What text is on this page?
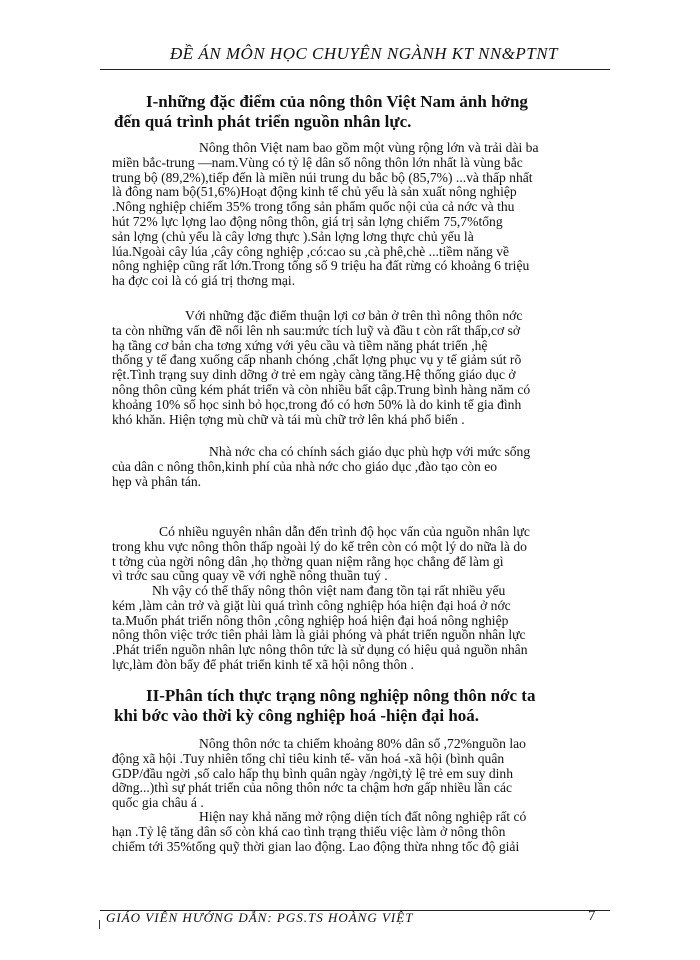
ĐỀ ÁN MÔN HỌC CHUYÊN NGÀNH KT NN&PTNT
I-những đặc điểm của nông thôn Việt Nam ảnh hởng
đến quá trình phát triển nguồn nhân lực.
Nông thôn Việt nam bao gồm một vùng rộng lớn và trải dài ba
miền bắc-trung —nam.Vùng có tỷ lệ dân số nông thôn lớn nhất là vùng bắc
trung bộ (89,2%),tiếp đến là miền núi trung du bắc bộ (85,7%) ...và thấp nhất
là đông nam bộ(51,6%)Hoạt động kinh tế chủ yếu là sản xuất nông nghiệp
.Nông nghiệp chiếm 35% trong tổng sản phẩm quốc nội của cả nớc và thu
hút 72% lực lợng lao động nông thôn, giá trị sản lợng chiếm 75,7%tổng
sản lợng (chủ yếu là cây lơng thực ).Sản lợng lơng thực chủ yếu là
lúa.Ngoài cây lúa ,cây công nghiệp ,có:cao su ,cà phê,chè ...tiềm năng về
nông nghiệp cũng rất lớn.Trong tổng số 9 triệu ha đất rừng có khoảng 6 triệu
ha đợc coi là có giá trị thơng mại.
Với những đặc điểm thuận lợi cơ bản ở trên thì nông thôn nớc
ta còn những vấn đề nổi lên nh sau:mức tích luỹ và đầu t còn rất thấp,cơ sở
hạ tầng cơ bản cha tơng xứng với yêu cầu và tiềm năng phát triển ,hệ
thống y tế đang xuống cấp nhanh chóng ,chất lợng phục vụ y tế giảm sút rõ
rệt.Tình trạng suy dinh dỡng ở trẻ em ngày càng tăng.Hệ thống giáo dục ở
nông thôn cũng kém phát triển và còn nhiều bất cập.Trung bình hàng năm có
khoảng 10% số học sinh bỏ học,trong đó có hơn 50% là do kinh tế gia đình
khó khăn. Hiện tợng mù chữ và tái mù chữ trở lên khá phổ biến .
Nhà nớc cha có chính sách giáo dục phù hợp với mức sống
của dân c nông thôn,kinh phí của nhà nớc cho giáo dục ,đào tạo còn eo
hẹp và phân tán.
Có nhiều nguyên nhân dẫn đến trình độ học vấn của nguồn nhân lực
trong khu vực nông thôn thấp ngoài lý do kể trên còn có một lý do nữa là do
t tởng của ngời nông dân ,họ thờng quan niệm rằng học chẳng để làm gì
vì trớc sau cũng quay về với nghề nông thuần tuý .
Nh vậy có thể thấy nông thôn việt nam đang tồn tại rất nhiều yếu
kém ,làm cản trở và giặt lùi quá trình công nghiệp hóa hiện đại hoá ở nớc
ta.Muốn phát triển nông thôn ,công nghiệp hoá hiện đại hoá nông nghiệp
nông thôn việc trớc tiên phải làm là giải phóng và phát triển nguồn nhân lực
.Phát triển nguồn nhân lực nông thôn tức là sử dụng có hiệu quả nguồn nhân
lực,làm đòn bẩy để phát triển kinh tế xã hội nông thôn .
II-Phân tích thực trạng nông nghiệp nông thôn nớc ta
khi bớc vào thời kỳ công nghiệp hoá -hiện đại hoá.
Nông thôn nớc ta chiếm khoảng 80% dân số ,72%nguồn lao
động xã hội .Tuy nhiên tổng chỉ tiêu kinh tế- văn hoá -xã hội (bình quân
GDP/đầu ngời ,số calo hấp thụ bình quân ngày /ngời,tỷ lệ trẻ em suy dinh
dỡng...)thì sự phát triển của nông thôn nớc ta chậm hơn gấp nhiều lần các
quốc gia châu á .
Hiện nay khả năng mở rộng diện tích đất nông nghiệp rất có
hạn .Tỷ lệ tăng dân số còn khá cao tình trạng thiếu việc làm ở nông thôn
chiếm tới 35%tổng quỹ thời gian lao động. Lao động thừa nhng tốc độ giải
GIÁO VIÊN HƯỚNG DẪN: PGS.TS HOÀNG VIỆT	7
